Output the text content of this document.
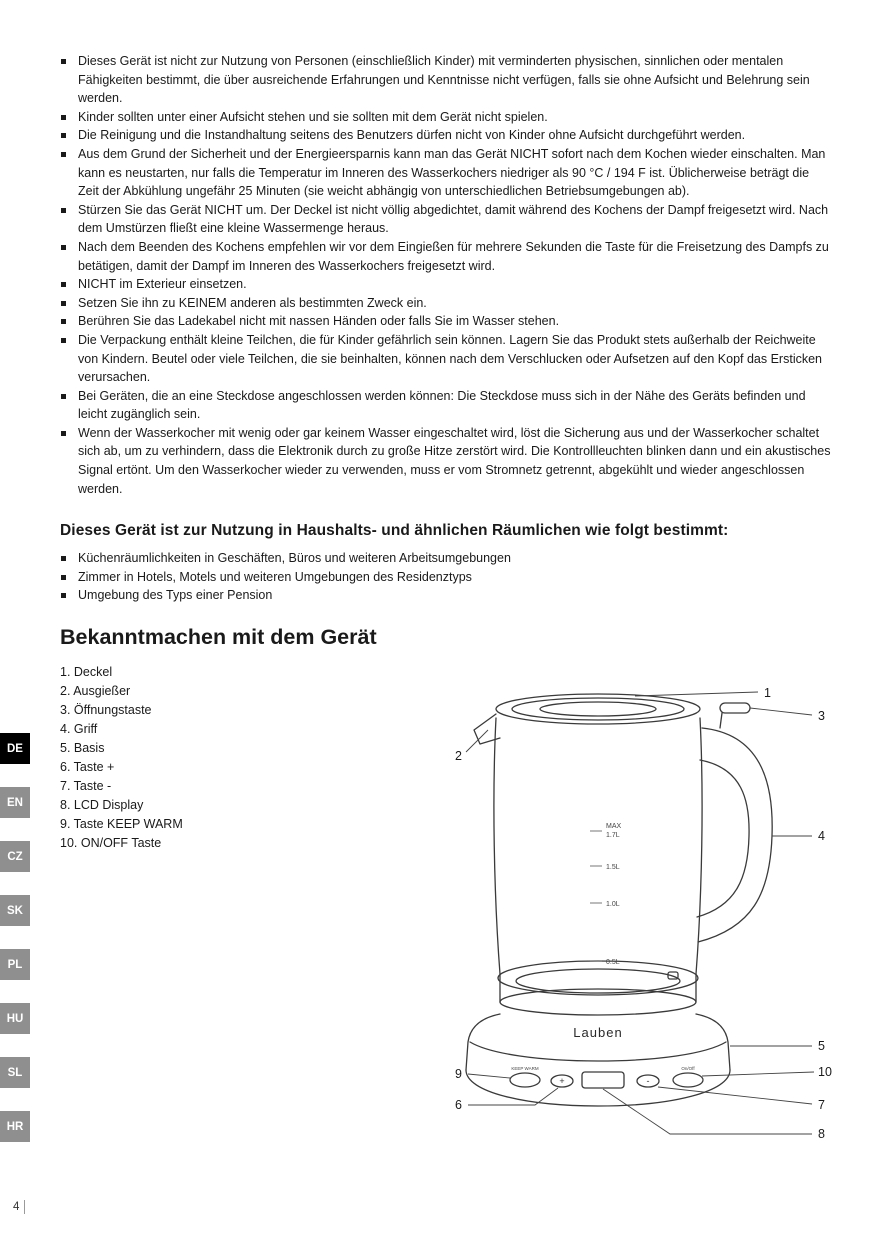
DE
EN
CZ
SK
PL
HU
SL
HR
Dieses Gerät ist nicht zur Nutzung von Personen (einschließlich Kinder) mit verminderten physischen, sinnlichen oder mentalen Fähigkeiten bestimmt, die über ausreichende Erfahrungen und Kenntnisse nicht verfügen, falls sie ohne Aufsicht und Belehrung sein werden.
Kinder sollten unter einer Aufsicht stehen und sie sollten mit dem Gerät nicht spielen.
Die Reinigung und die Instandhaltung seitens des Benutzers dürfen nicht von Kinder ohne Aufsicht durchgeführt werden.
Aus dem Grund der Sicherheit und der Energieersparnis kann man das Gerät NICHT sofort nach dem Kochen wieder einschalten. Man kann es neustarten, nur falls die Temperatur im Inneren des Wasserkochers niedriger als 90 °C / 194 F ist. Üblicherweise beträgt die Zeit der Abkühlung ungefähr 25 Minuten (sie weicht abhängig von unterschiedlichen Betriebsumgebungen ab).
Stürzen Sie das Gerät NICHT um. Der Deckel ist nicht völlig abgedichtet, damit während des Kochens der Dampf freigesetzt wird. Nach dem Umstürzen fließt eine kleine Wassermenge heraus.
Nach dem Beenden des Kochens empfehlen wir vor dem Eingießen für mehrere Sekunden die Taste für die Freisetzung des Dampfs zu betätigen, damit der Dampf im Inneren des Wasserkochers freigesetzt wird.
NICHT im Exterieur einsetzen.
Setzen Sie ihn zu KEINEM anderen als bestimmten Zweck ein.
Berühren Sie das Ladekabel nicht mit nassen Händen oder falls Sie im Wasser stehen.
Die Verpackung enthält kleine Teilchen, die für Kinder gefährlich sein können. Lagern Sie das Produkt stets außerhalb der Reichweite von Kindern. Beutel oder viele Teilchen, die sie beinhalten, können nach dem Verschlucken oder Aufsetzen auf den Kopf das Ersticken verursachen.
Bei Geräten, die an eine Steckdose angeschlossen werden können: Die Steckdose muss sich in der Nähe des Geräts befinden und leicht zugänglich sein.
Wenn der Wasserkocher mit wenig oder gar keinem Wasser eingeschaltet wird, löst die Sicherung aus und der Wasserkocher schaltet sich ab, um zu verhindern, dass die Elektronik durch zu große Hitze zerstört wird. Die Kontrollleuchten blinken dann und ein akustisches Signal ertönt. Um den Wasserkocher wieder zu verwenden, muss er vom Stromnetz getrennt, abgekühlt und wieder angeschlossen werden.
Dieses Gerät ist zur Nutzung in Haushalts- und ähnlichen Räumlichen wie folgt bestimmt:
Küchenräumlichkeiten in Geschäften, Büros und weiteren Arbeitsumgebungen
Zimmer in Hotels, Motels und weiteren Umgebungen des Residenztyps
Umgebung des Typs einer Pension
Bekanntmachen mit dem Gerät
1. Deckel
2. Ausgießer
3. Öffnungstaste
4. Griff
5. Basis
6. Taste +
7. Taste -
8. LCD Display
9. Taste KEEP WARM
10. ON/OFF Taste
MAX
1.7L
1.5L
1.0L
0.5L
Lauben
KEEP WARM	On/Off
+	-
1
2
3
4
5
6	7
8
9	10
4
